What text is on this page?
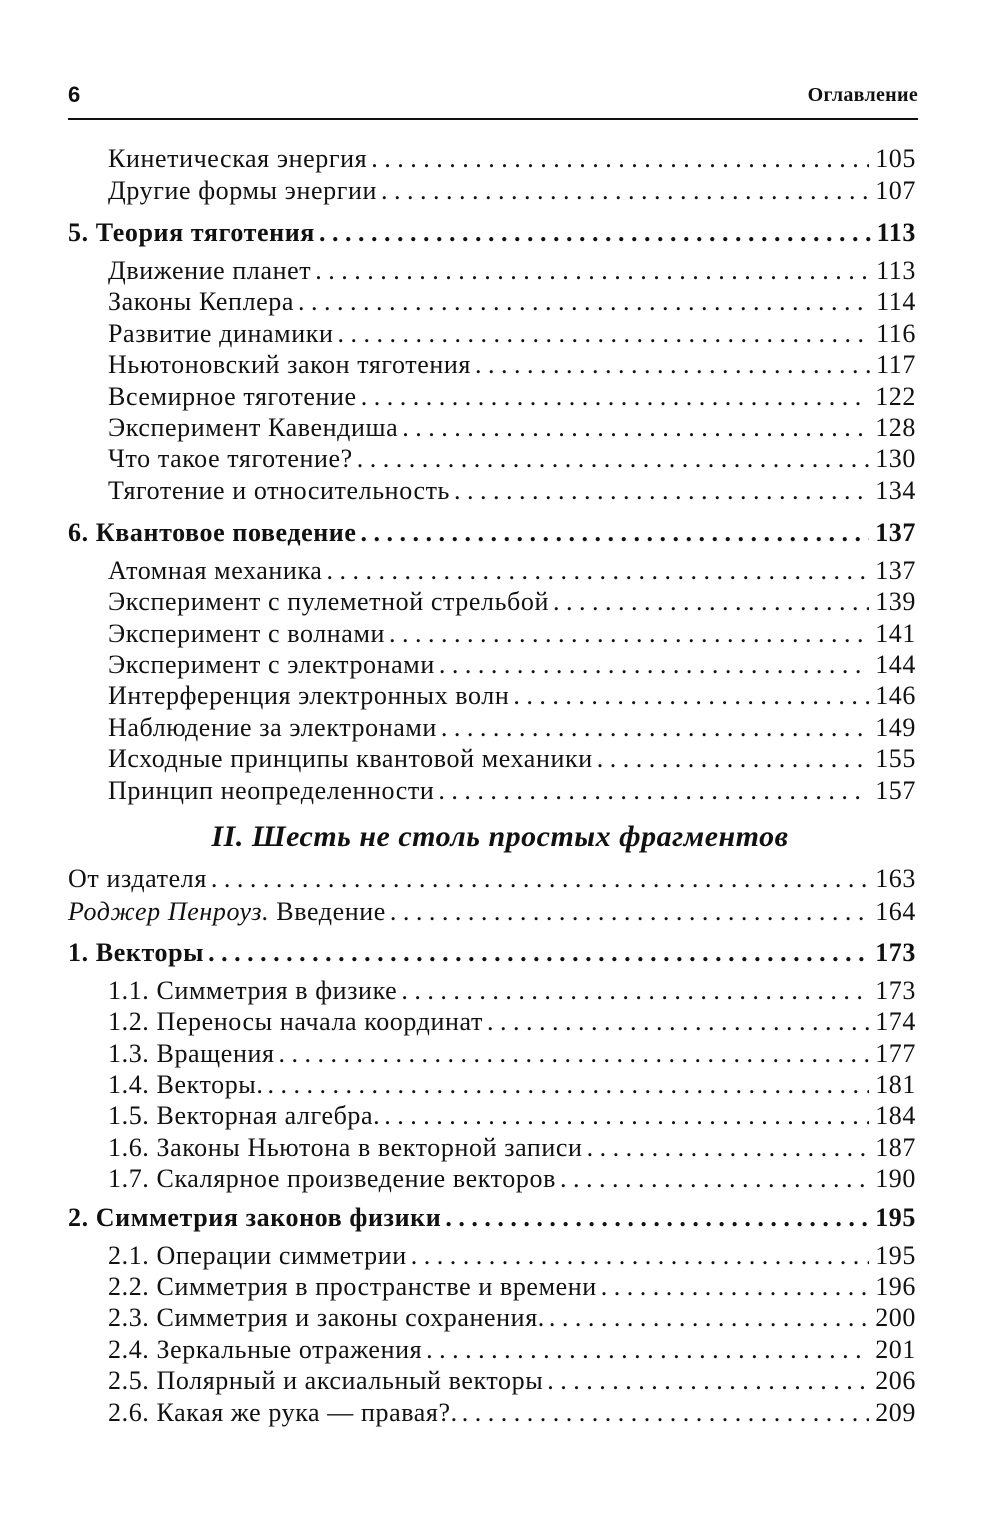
6	Оглавление
Кинетическая энергия . . .	105
Другие формы энергии . . .	107
5. Теория тяготения . . .	113
Движение планет . . .	113
Законы Кеплера . . .	114
Развитие динамики . . .	116
Ньютоновский закон тяготения . . .	117
Всемирное тяготение . . .	122
Эксперимент Кавендиша . . .	128
Что такое тяготение? . . .	130
Тяготение и относительность . . .	134
6. Квантовое поведение . . .	137
Атомная механика . . .	137
Эксперимент с пулеметной стрельбой . . .	139
Эксперимент с волнами . . .	141
Эксперимент с электронами . . .	144
Интерференция электронных волн . . .	146
Наблюдение за электронами . . .	149
Исходные принципы квантовой механики . . .	155
Принцип неопределенности . . .	157
От издателя . . .	163
Роджер Пенроуз. Введение . . .	164
1. Векторы . . .	173
1.1. Симметрия в физике . . .	173
1.2. Переносы начала координат . . .	174
1.3. Вращения . . .	177
1.4. Векторы. . . .	181
1.5. Векторная алгебра. . . .	184
1.6. Законы Ньютона в векторной записи . . .	187
1.7. Скалярное произведение векторов . . .	190
2. Симметрия законов физики . . .	195
2.1. Операции симметрии . . .	195
2.2. Симметрия в пространстве и времени . . .	196
2.3. Симметрия и законы сохранения. . . .	200
2.4. Зеркальные отражения . . .	201
2.5. Полярный и аксиальный векторы . . .	206
2.6. Какая же рука — правая?. . . .	209
II. Шесть не столь простых фрагментов
